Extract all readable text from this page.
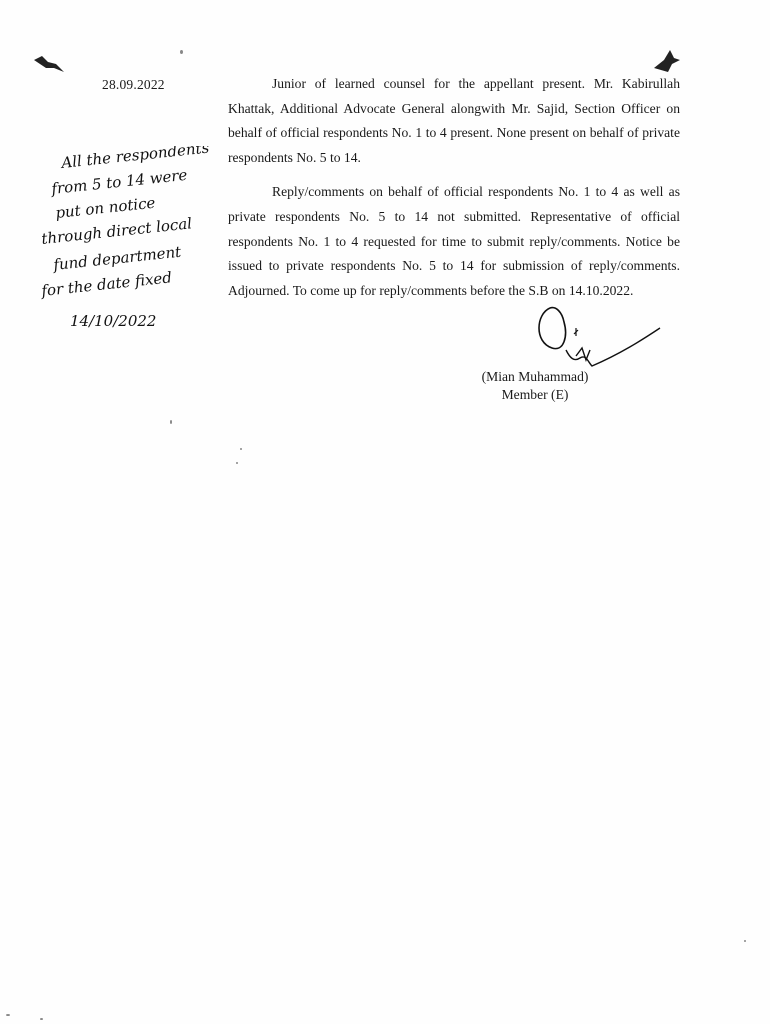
28.09.2022	Junior of learned counsel for the appellant present. Mr. Kabirullah Khattak, Additional Advocate General alongwith Mr. Sajid, Section Officer on behalf of official respondents No. 1 to 4 present. None present on behalf of private respondents No. 5 to 14.

Reply/comments on behalf of official respondents No. 1 to 4 as well as private respondents No. 5 to 14 not submitted. Representative of official respondents No. 1 to 4 requested for time to submit reply/comments. Notice be issued to private respondents No. 5 to 14 for submission of reply/comments. Adjourned. To come up for reply/comments before the S.B on 14.10.2022.

All the respondents
from 5 to 14 were
put on notice
through direct local
fund department
for the date fixed
14/10/2022
(Mian Muhammad)
Member (E)
